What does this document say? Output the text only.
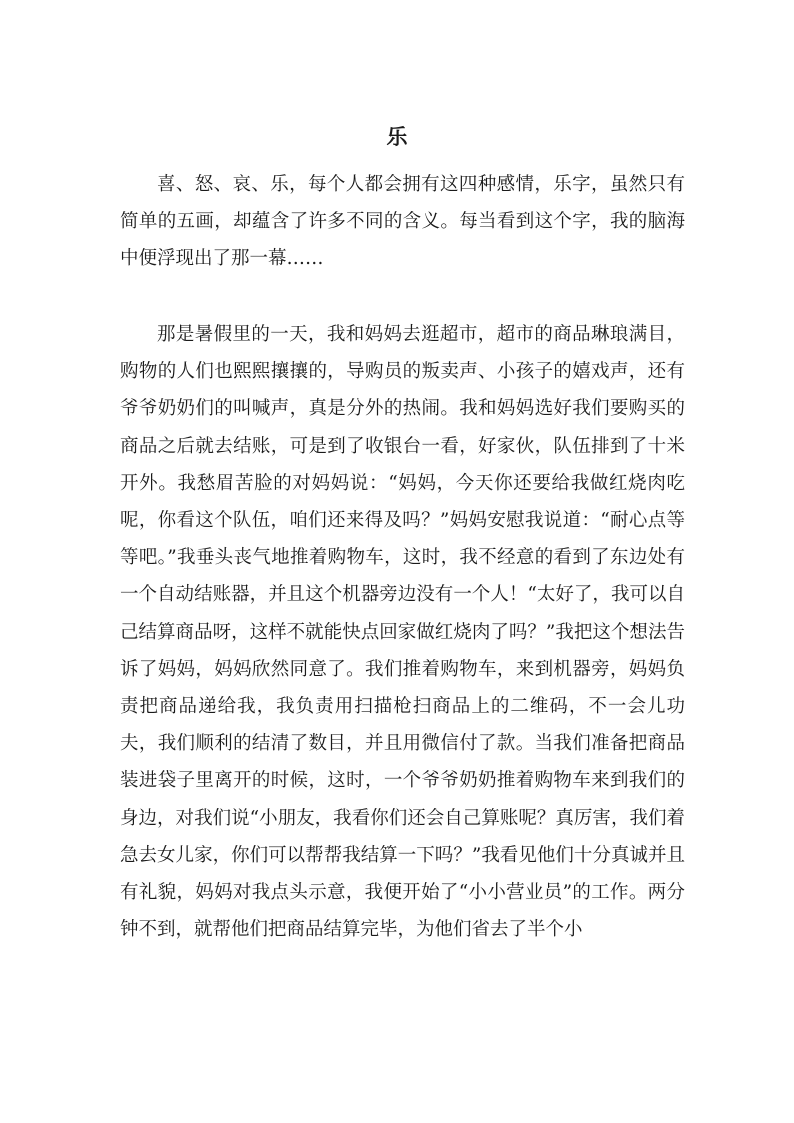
乐

喜、怒、哀、乐，每个人都会拥有这四种感情，乐字，虽然只有简单的五画，却蕴含了许多不同的含义。每当看到这个字，我的脑海中便浮现出了那一幕……

那是暑假里的一天，我和妈妈去逛超市，超市的商品琳琅满目，购物的人们也熙熙攘攘的，导购员的叛卖声、小孩子的嬉戏声，还有爷爷奶奶们的叫喊声，真是分外的热闹。我和妈妈选好我们要购买的商品之后就去结账，可是到了收银台一看，好家伙，队伍排到了十米开外。我愁眉苦脸的对妈妈说：“妈妈，今天你还要给我做红烧肉吃呢，你看这个队伍，咱们还来得及吗？”妈妈安慰我说道：“耐心点等等吧。”我垂头丧气地推着购物车，这时，我不经意的看到了东边处有一个自动结账器，并且这个机器旁边没有一个人！“太好了，我可以自己结算商品呀，这样不就能快点回家做红烧肉了吗？”我把这个想法告诉了妈妈，妈妈欣然同意了。我们推着购物车，来到机器旁，妈妈负责把商品递给我，我负责用扫描枪扫商品上的二维码，不一会儿功夫，我们顺利的结清了数目，并且用微信付了款。当我们准备把商品装进袋子里离开的时候，这时，一个爷爷奶奶推着购物车来到我们的身边，对我们说“小朋友，我看你们还会自己算账呢？真厉害，我们着急去女儿家，你们可以帮帮我结算一下吗？”我看见他们十分真诚并且有礼貌，妈妈对我点头示意，我便开始了“小小营业员”的工作。两分钟不到，就帮他们把商品结算完毕，为他们省去了半个小
